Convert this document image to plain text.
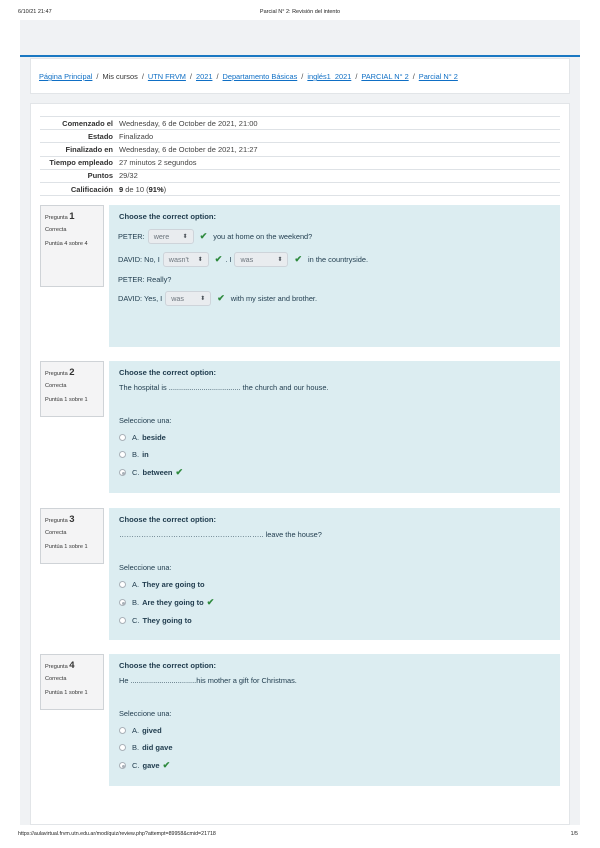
6/10/21 21:47	Parcial N° 2: Revisión del intento
Página Principal / Mis cursos / UTN FRVM / 2021 / Departamento Básicas / inglés1_2021 / PARCIAL N° 2 / Parcial N° 2
Comenzado el	Wednesday, 6 de October de 2021, 21:00
Estado	Finalizado
Finalizado en	Wednesday, 6 de October de 2021, 21:27
Tiempo empleado	27 minutos 2 segundos
Puntos	29/32
Calificación	9 de 10 (91%)
Pregunta 1
Correcta
Puntúa 4 sobre 4
Choose the correct option:
PETER: were ⬍ ✔ you at home on the weekend?
DAVID: No, I wasn't ⬍ ✔ . I was	⬍ ✔ in the countryside.
PETER: Really?
DAVID: Yes, I was	⬍ ✔ with my sister and brother.
Pregunta 2
Correcta
Puntúa 1 sobre 1
Choose the correct option:
The hospital is ................................... the church and our house.
Seleccione una:
A. beside
B. in
C. between ✔
Pregunta 3
Correcta
Puntúa 1 sobre 1
Choose the correct option:
………………………………………………….. leave the house?
Seleccione una:
A. They are going to
B. Are they going to ✔
C. They going to
Pregunta 4
Correcta
Puntúa 1 sobre 1
Choose the correct option:
He ................................his mother a gift for Christmas.
Seleccione una:
A. gived
B. did gave
C. gave ✔
https://aulavirtual.frvm.utn.edu.ar/mod/quiz/review.php?attempt=89958&cmid=21718	1/5
